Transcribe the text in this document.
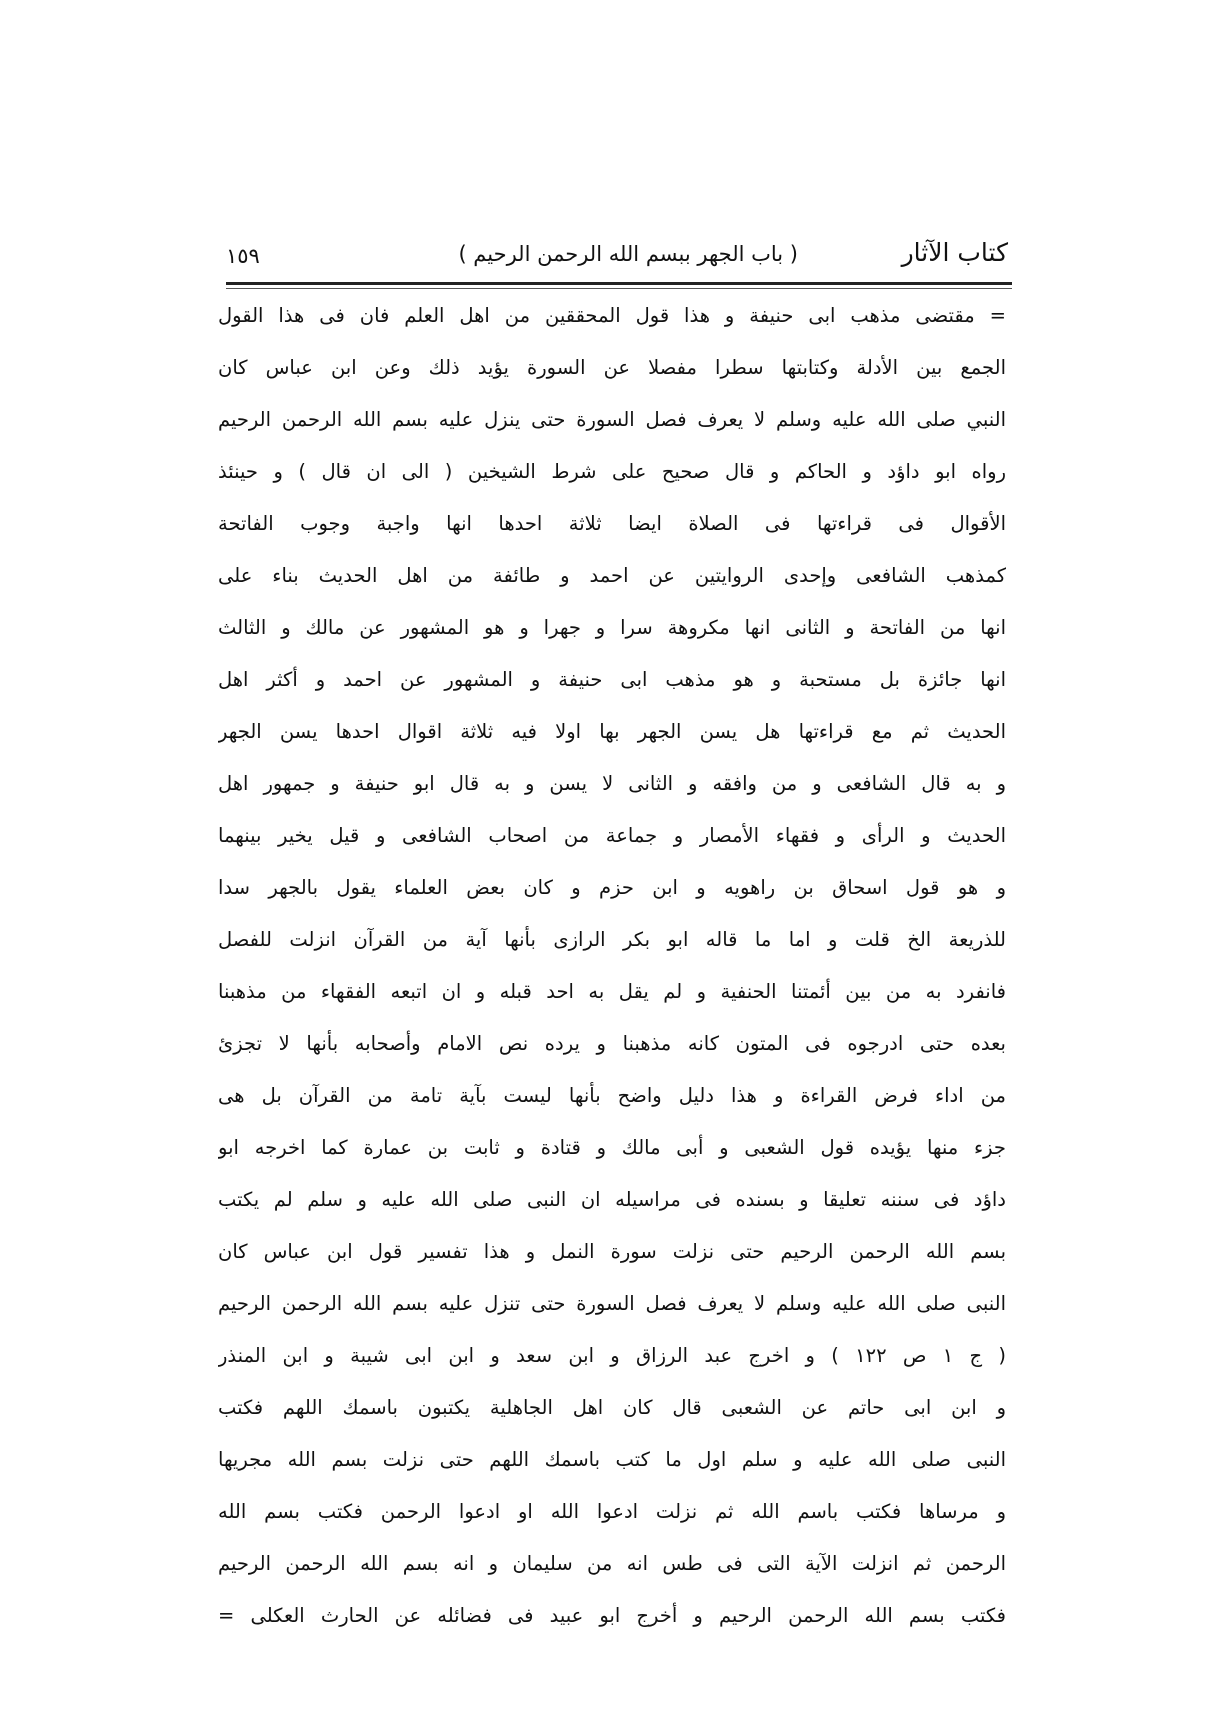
كتاب الآثار
( باب الجهر ببسم الله الرحمن الرحيم )
١٥٩
= مقتضى مذهب ابى حنيفة و هذا قول المحققين من اهل العلم فان فى هذا القول
الجمع بين الأدلة وكتابتها سطرا مفصلا عن السورة يؤيد ذلك وعن ابن عباس كان
النبي صلى الله عليه وسلم لا يعرف فصل السورة حتى ينزل عليه بسم الله الرحمن الرحيم
رواه ابو داؤد و الحاكم و قال صحيح على شرط الشيخين ( الى ان قال ) و حينئذ
الأقوال فى قراءتها فى الصلاة ايضا ثلاثة احدها انها واجبة وجوب الفاتحة
كمذهب الشافعى وإحدى الروايتين عن احمد و طائفة من اهل الحديث بناء على
انها من الفاتحة و الثانى انها مكروهة سرا و جهرا و هو المشهور عن مالك و الثالث
انها جائزة بل مستحبة و هو مذهب ابى حنيفة و المشهور عن احمد و أكثر اهل
الحديث ثم مع قراءتها هل يسن الجهر بها اولا فيه ثلاثة اقوال احدها يسن الجهر
و به قال الشافعى و من وافقه و الثانى لا يسن و به قال ابو حنيفة و جمهور اهل
الحديث و الرأى و فقهاء الأمصار و جماعة من اصحاب الشافعى و قيل يخير بينهما
و هو قول اسحاق بن راهويه و ابن حزم و كان بعض العلماء يقول بالجهر سدا
للذريعة الخ قلت و اما ما قاله ابو بكر الرازى بأنها آية من القرآن انزلت للفصل
فانفرد به من بين أئمتنا الحنفية و لم يقل به احد قبله و ان اتبعه الفقهاء من مذهبنا
بعده حتى ادرجوه فى المتون كانه مذهبنا و يرده نص الامام وأصحابه بأنها لا تجزئ
من اداء فرض القراءة و هذا دليل واضح بأنها ليست بآية تامة من القرآن بل هى
جزء منها يؤيده قول الشعبى و أبى مالك و قتادة و ثابت بن عمارة كما اخرجه ابو
داؤد فى سننه تعليقا و بسنده فى مراسيله ان النبى صلى الله عليه و سلم لم يكتب
بسم الله الرحمن الرحيم حتى نزلت سورة النمل و هذا تفسير قول ابن عباس كان
النبى صلى الله عليه وسلم لا يعرف فصل السورة حتى تنزل عليه بسم الله الرحمن الرحيم
( ج ١ ص ١٢٢ ) و اخرج عبد الرزاق و ابن سعد و ابن ابى شيبة و ابن المنذر
و ابن ابى حاتم عن الشعبى قال كان اهل الجاهلية يكتبون باسمك اللهم فكتب
النبى صلى الله عليه و سلم اول ما كتب باسمك اللهم حتى نزلت بسم الله مجريها
و مرساها فكتب باسم الله ثم نزلت ادعوا الله او ادعوا الرحمن فكتب بسم الله
الرحمن ثم انزلت الآية التى فى طس انه من سليمان و انه بسم الله الرحمن الرحيم
فكتب بسم الله الرحمن الرحيم و أخرج ابو عبيد فى فضائله عن الحارث العكلى =
